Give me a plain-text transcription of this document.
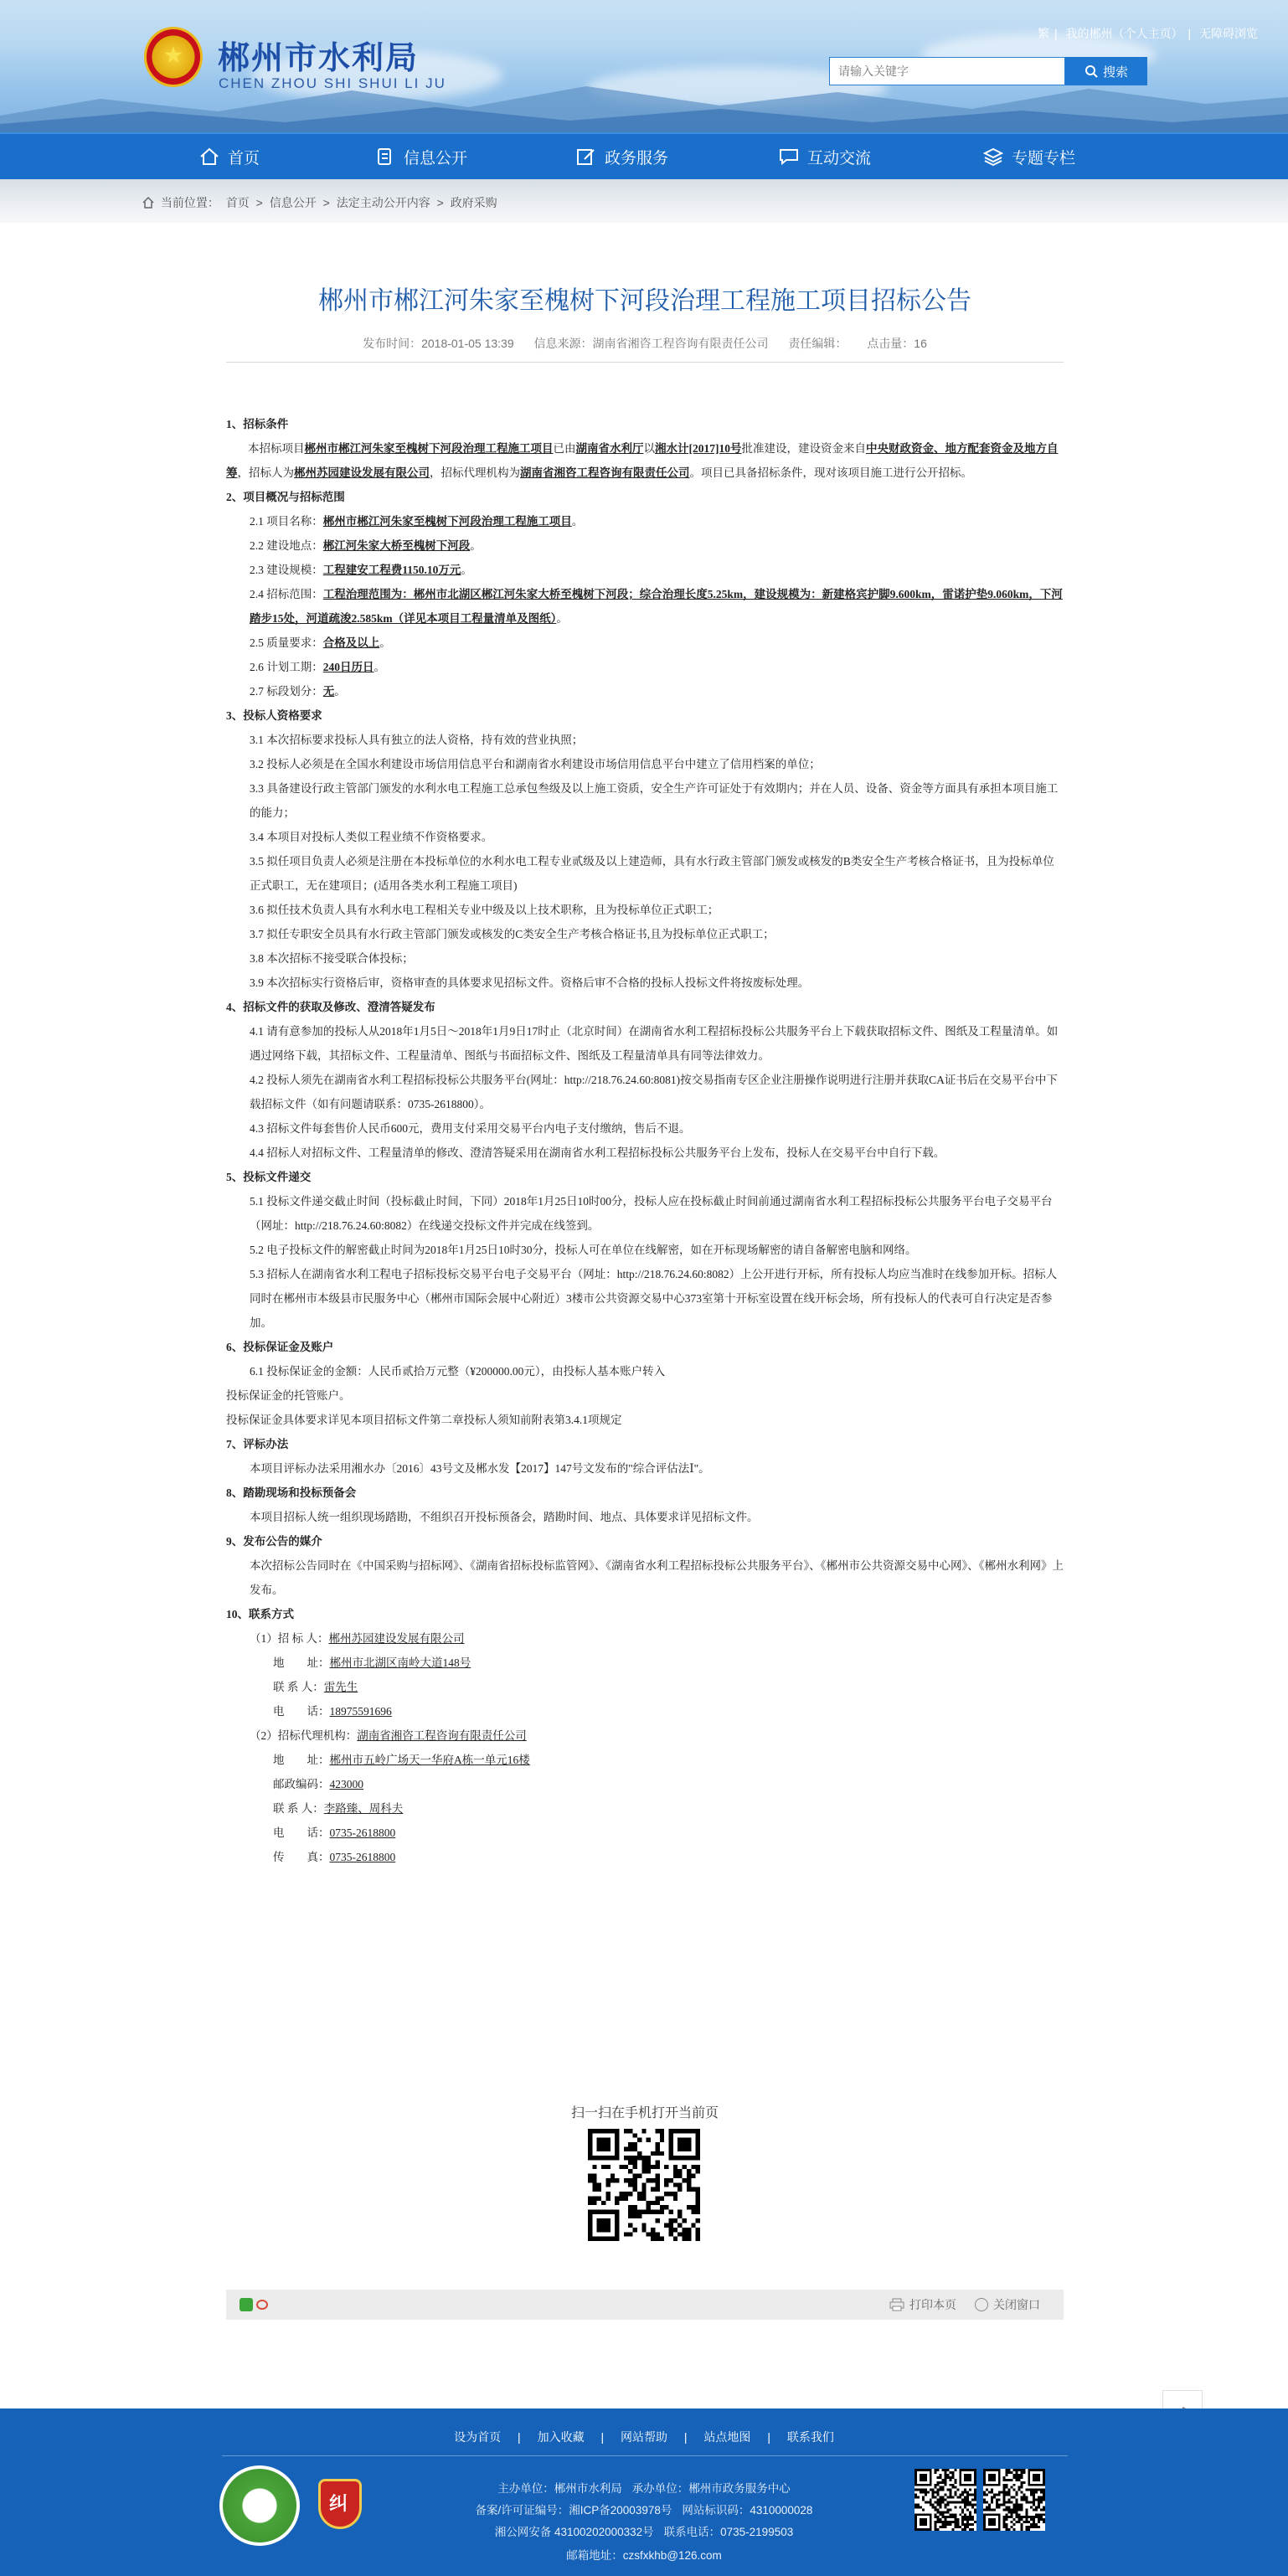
郴州市水利局
CHEN ZHOU SHI SHUI LI JU
繁 | 我的郴州（个人主页） | 无障碍浏览
请输入关键字
搜索
首页	信息公开	政务服务	互动交流	专题专栏
当前位置： 首页 > 信息公开 > 法定主动公开内容 > 政府采购
郴州市郴江河朱家至槐树下河段治理工程施工项目招标公告
发布时间：2018-01-05 13:39 信息来源：湖南省湘咨工程咨询有限责任公司 责任编辑： 点击量：16
1、招标条件
本招标项目郴州市郴江河朱家至槐树下河段治理工程施工项目已由湖南省水利厅以湘水计[2017]10号批准建设，建设资金来自中央财政资金、地方配套资金及地方自筹，招标人为郴州苏园建设发展有限公司，招标代理机构为湖南省湘咨工程咨询有限责任公司。项目已具备招标条件，现对该项目施工进行公开招标。
2、项目概况与招标范围
2.1 项目名称：郴州市郴江河朱家至槐树下河段治理工程施工项目。
2.2 建设地点：郴江河朱家大桥至槐树下河段。
2.3 建设规模：工程建安工程费1150.10万元。
2.4 招标范围：工程治理范围为：郴州市北湖区郴江河朱家大桥至槐树下河段；综合治理长度5.25km，建设规模为：新建格宾护脚9.600km，雷诺护垫9.060km，下河踏步15处，河道疏浚2.585km（详见本项目工程量清单及图纸）。
2.5 质量要求：合格及以上。
2.6 计划工期：240日历日。
2.7 标段划分：无。
3、投标人资格要求
3.1 本次招标要求投标人具有独立的法人资格，持有效的营业执照；
3.2 投标人必须是在全国水利建设市场信用信息平台和湖南省水利建设市场信用信息平台中建立了信用档案的单位；
3.3 具备建设行政主管部门颁发的水利水电工程施工总承包叁级及以上施工资质，安全生产许可证处于有效期内；并在人员、设备、资金等方面具有承担本项目施工的能力；
3.4 本项目对投标人类似工程业绩不作资格要求。
3.5 拟任项目负责人必须是注册在本投标单位的水利水电工程专业贰级及以上建造师，具有水行政主管部门颁发或核发的B类安全生产考核合格证书，且为投标单位正式职工，无在建项目；(适用各类水利工程施工项目)
3.6 拟任技术负责人具有水利水电工程相关专业中级及以上技术职称，且为投标单位正式职工；
3.7 拟任专职安全员具有水行政主管部门颁发或核发的C类安全生产考核合格证书,且为投标单位正式职工；
3.8 本次招标不接受联合体投标；
3.9 本次招标实行资格后审，资格审查的具体要求见招标文件。资格后审不合格的投标人投标文件将按废标处理。
4、招标文件的获取及修改、澄清答疑发布
4.1 请有意参加的投标人从2018年1月5日～2018年1月9日17时止（北京时间）在湖南省水利工程招标投标公共服务平台上下载获取招标文件、图纸及工程量清单。如遇过网络下载，其招标文件、工程量清单、图纸与书面招标文件、图纸及工程量清单具有同等法律效力。
4.2 投标人须先在湖南省水利工程招标投标公共服务平台(网址：http://218.76.24.60:8081)按交易指南专区企业注册操作说明进行注册并获取CA证书后在交易平台中下载招标文件（如有问题请联系：0735-2618800）。
4.3 招标文件每套售价人民币600元，费用支付采用交易平台内电子支付缴纳，售后不退。
4.4 招标人对招标文件、工程量清单的修改、澄清答疑采用在湖南省水利工程招标投标公共服务平台上发布，投标人在交易平台中自行下载。
5、投标文件递交
5.1 投标文件递交截止时间（投标截止时间，下同）2018年1月25日10时00分，投标人应在投标截止时间前通过湖南省水利工程招标投标公共服务平台电子交易平台（网址：http://218.76.24.60:8082）在线递交投标文件并完成在线签到。
5.2 电子投标文件的解密截止时间为2018年1月25日10时30分，投标人可在单位在线解密，如在开标现场解密的请自备解密电脑和网络。
5.3 招标人在湖南省水利工程电子招标投标交易平台电子交易平台（网址：http://218.76.24.60:8082）上公开进行开标，所有投标人均应当准时在线参加开标。招标人同时在郴州市本级县市民服务中心（郴州市国际会展中心附近）3楼市公共资源交易中心373室第十开标室设置在线开标会场，所有投标人的代表可自行决定是否参加。
6、投标保证金及账户
6.1 投标保证金的金额：人民币贰拾万元整（¥200000.00元），由投标人基本账户转入
投标保证金的托管账户。
投标保证金具体要求详见本项目招标文件第二章投标人须知前附表第3.4.1项规定
7、评标办法
本项目评标办法采用湘水办〔2016〕43号文及郴水发【2017】147号文发布的"综合评估法Ⅰ"。
8、踏勘现场和投标预备会
本项目招标人统一组织现场踏勘，不组织召开投标预备会，踏勘时间、地点、具体要求详见招标文件。
9、发布公告的媒介
本次招标公告同时在《中国采购与招标网》、《湖南省招标投标监管网》、《湖南省水利工程招标投标公共服务平台》、《郴州市公共资源交易中心网》、《郴州水利网》上发布。
10、联系方式
（1）招 标 人：郴州苏园建设发展有限公司
地　　址：郴州市北湖区南岭大道148号
联 系 人：雷先生
电　　话：18975591696
（2）招标代理机构：湖南省湘咨工程咨询有限责任公司
地　　址：郴州市五岭广场天一华府A栋一单元16楼
邮政编码：423000
联 系 人：李路臻、周科夫
电　　话：0735-2618800
传　　真：0735-2618800
扫一扫在手机打开当前页
打印本页	关闭窗口
设为首页 | 加入收藏 | 网站帮助 | 站点地图 | 联系我们
纠
主办单位：郴州市水利局 承办单位：郴州市政务服务中心
备案/许可证编号：湘ICP备20003978号 网站标识码：4310000028
湘公网安备 43100202000332号 联系电话：0735-2199503
邮箱地址：czsfxkhb@126.com
